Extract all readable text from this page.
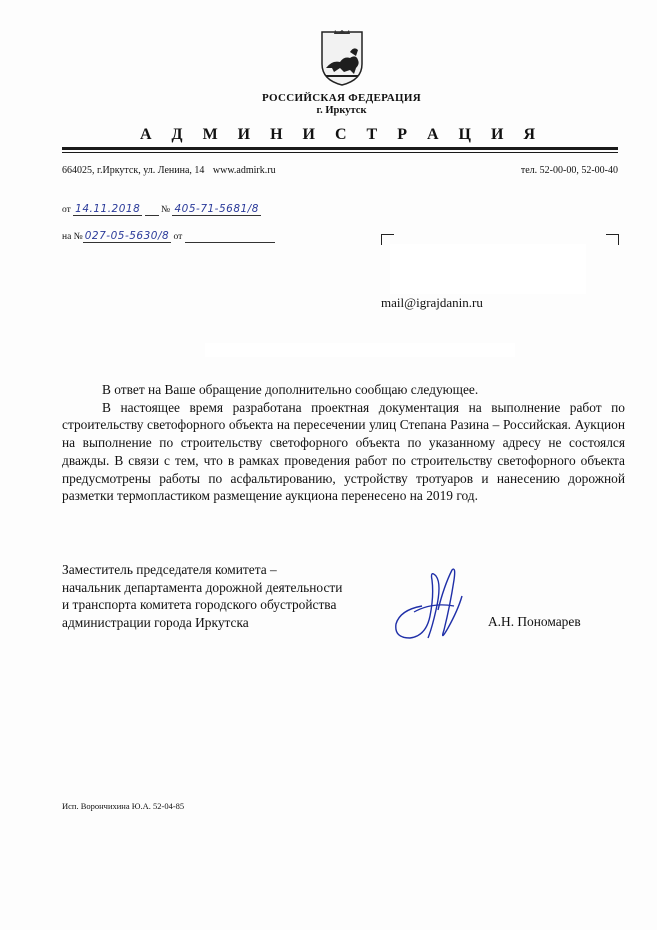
РОССИЙСКАЯ ФЕДЕРАЦИЯ
г. Иркутск
А Д М И Н И С Т Р А Ц И Я
664025, г.Иркутск, ул. Ленина, 14 www.admirk.ru	тел. 52-00-00, 52-00-40
от 14.11.2018 № 405-71-5681/8
на № 027-05-5630/8 от
mail@igrajdanin.ru

В ответ на Ваше обращение дополнительно сообщаю следующее.

В настоящее время разработана проектная документация на выполнение работ по строительству светофорного объекта на пересечении улиц Степана Разина – Российская. Аукцион на выполнение по строительству светофорного объекта по указанному адресу не состоялся дважды. В связи с тем, что в рамках проведения работ по строительству светофорного объекта предусмотрены работы по асфальтированию, устройству тротуаров и нанесению дорожной разметки термопластиком размещение аукциона перенесено на 2019 год.

Заместитель председателя комитета –
начальник департамента дорожной деятельности
и транспорта комитета городского обустройства
администрации города Иркутска	А.Н. Пономарев
Исп. Ворончихина Ю.А. 52-04-85
